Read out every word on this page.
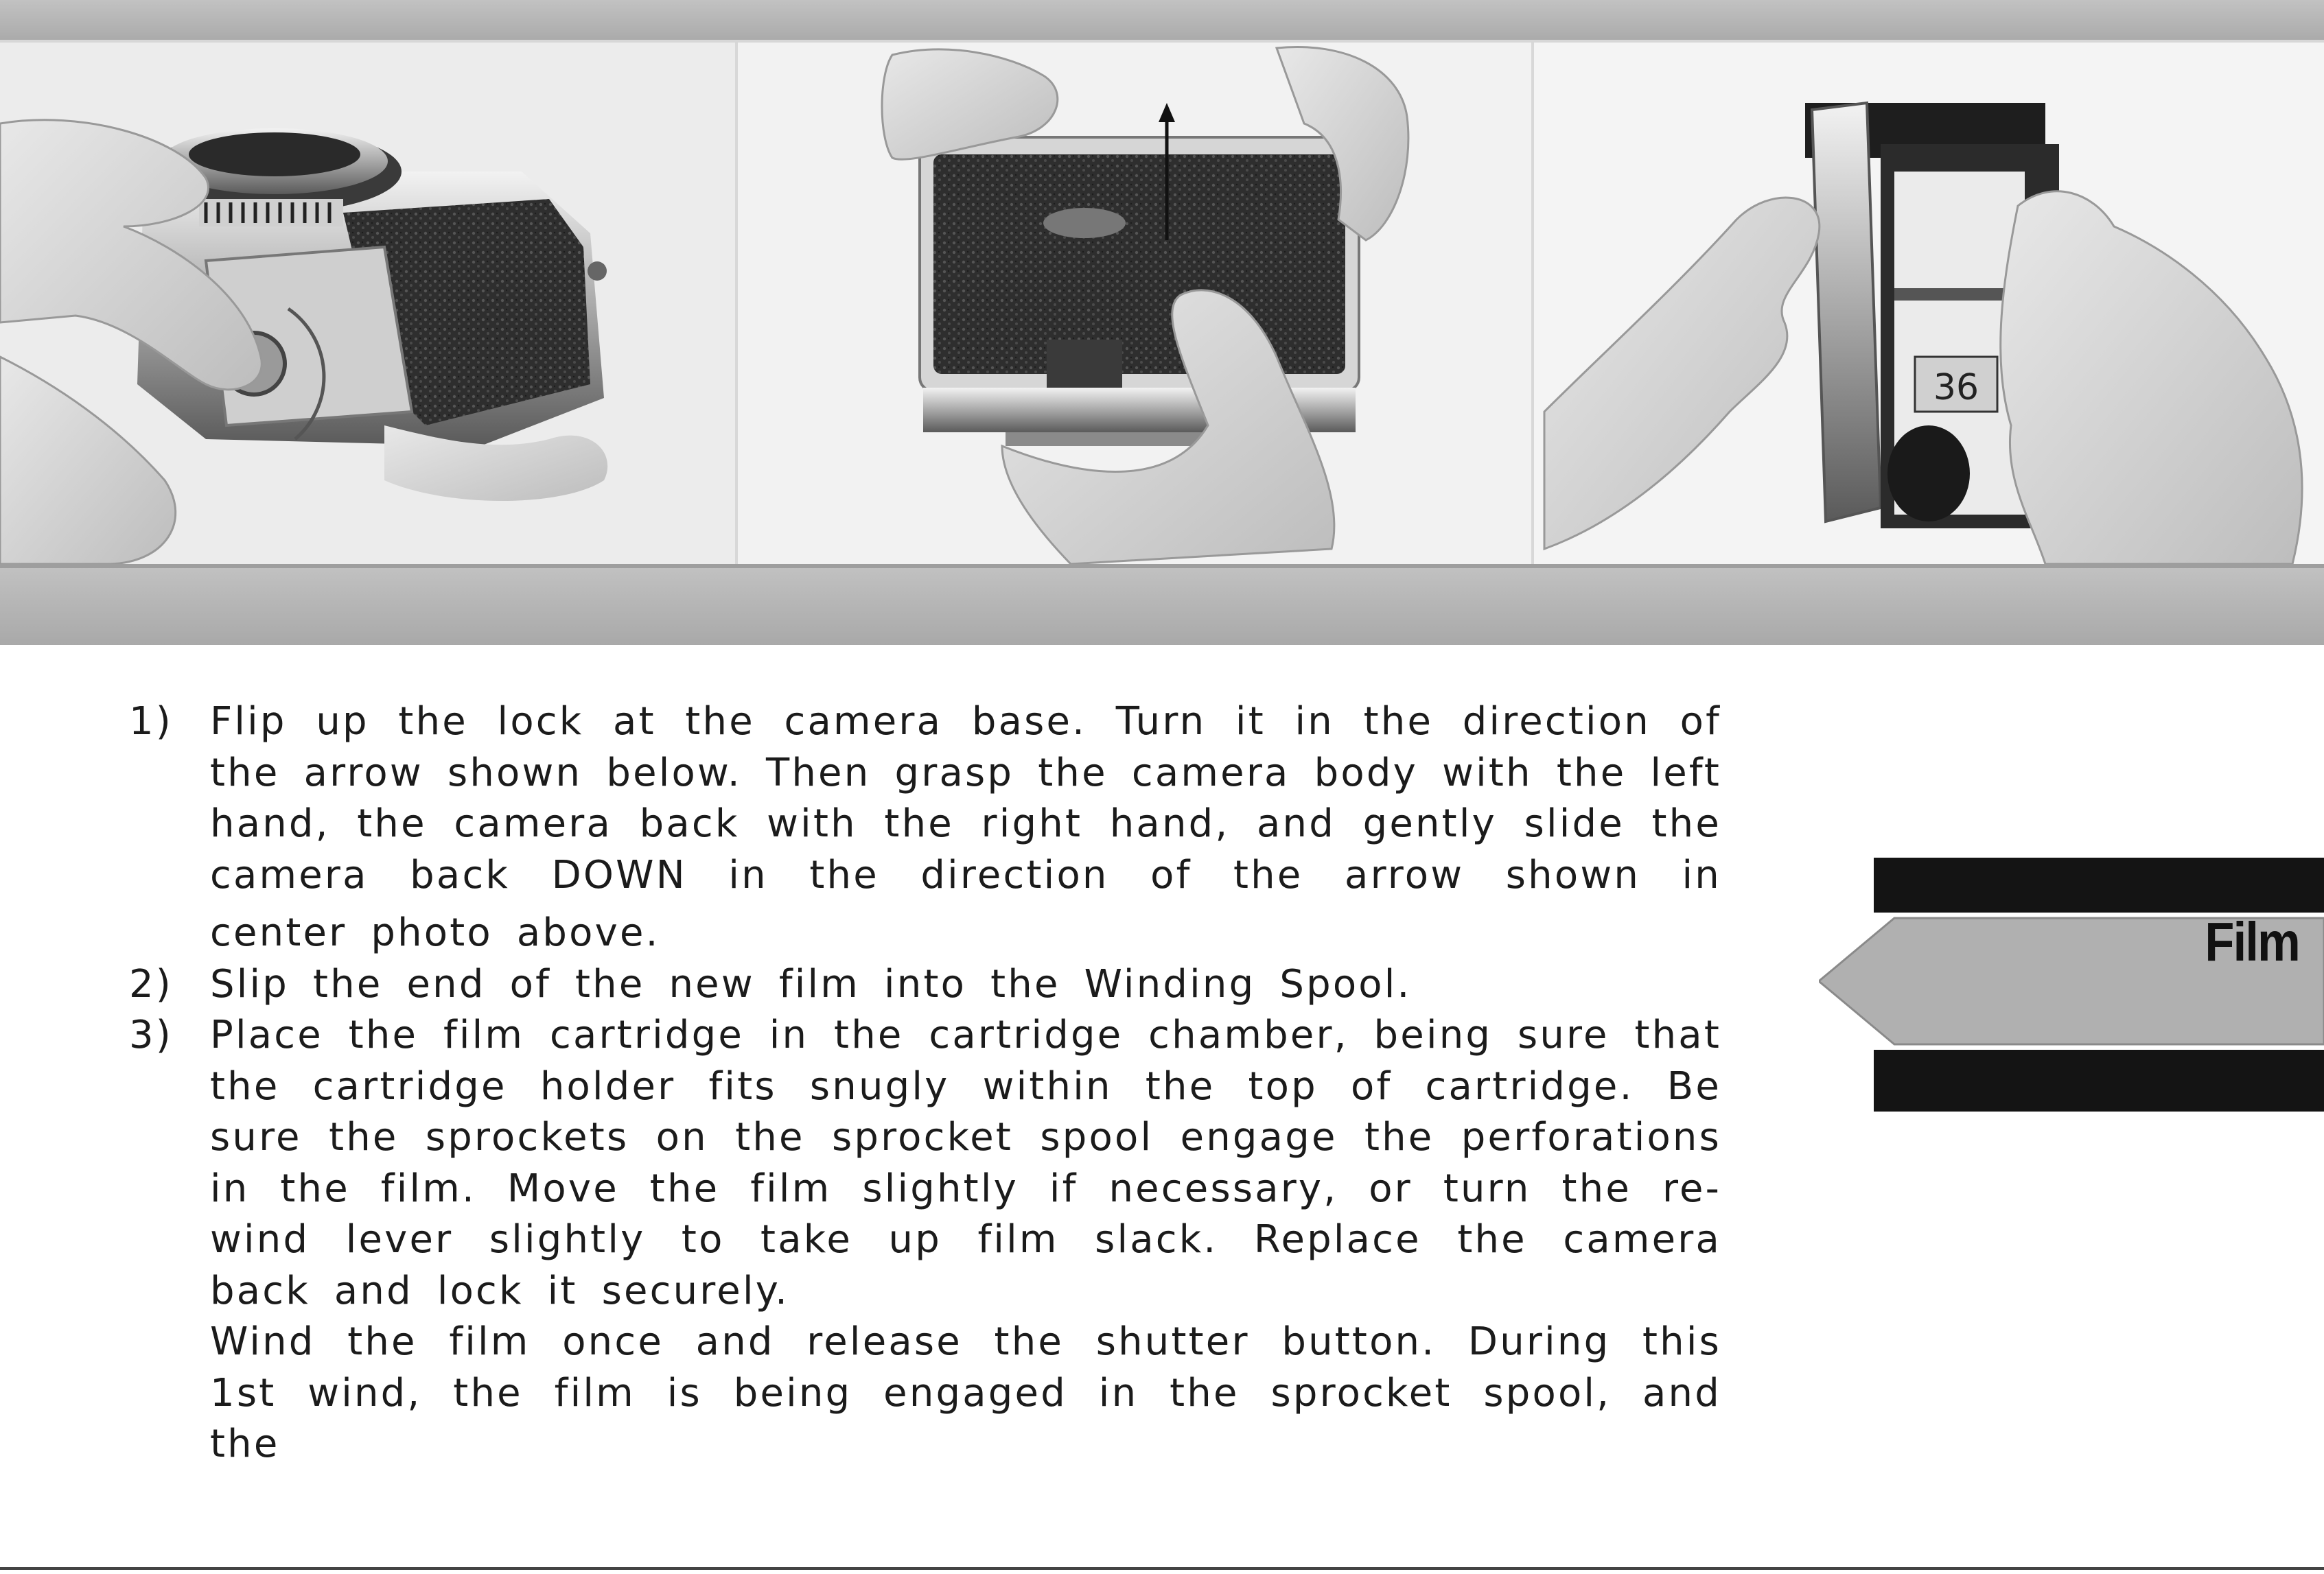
36
1) Flip up the lock at the camera base. Turn it in the direction of the arrow shown below. Then grasp the camera body with the left hand, the camera back with the right hand, and gently slide the camera back DOWN in the direction of the arrow shown in
center photo above.
2) Slip the end of the new film into the Winding Spool.
3) Place the film cartridge in the cartridge chamber, being sure that the cartridge holder fits snugly within the top of cartridge. Be sure the sprockets on the sprocket spool engage the perforations in the film. Move the film slightly if necessary, or turn the re-wind lever slightly to take up film slack. Replace the camera back and lock it securely.
Wind the film once and release the shutter button. During this 1st wind, the film is being engaged in the sprocket spool, and the
Film
